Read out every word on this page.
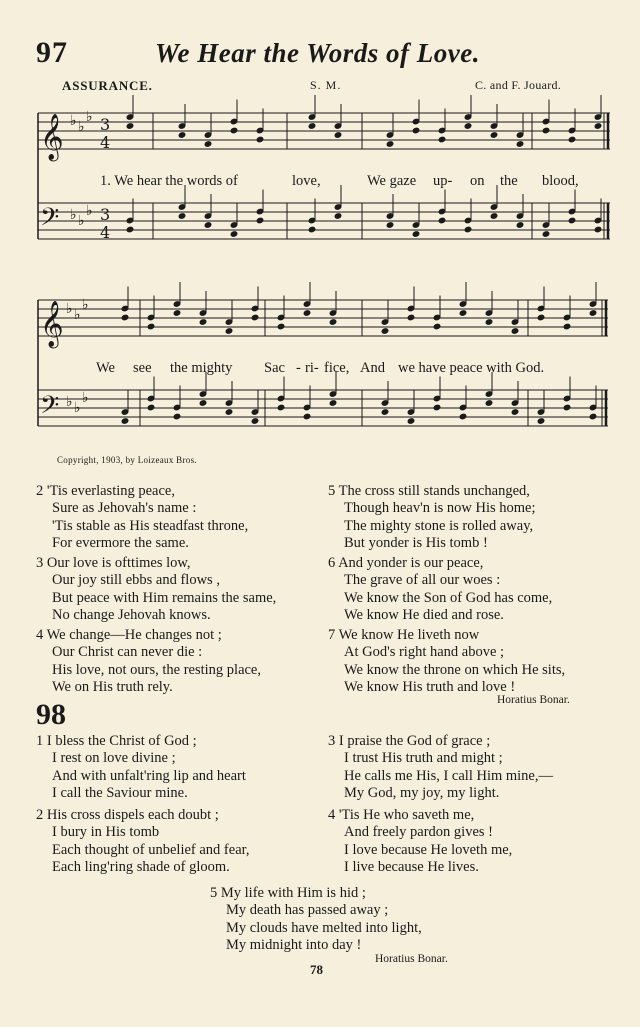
97	We Hear the Words of Love.
ASSURANCE.	S. M.	C. and F. Jouard.
𝄞
𝄢
𝄞
𝄢
♭ ♭
♭
♭ ♭
♭
♭ ♭
♭
♭ ♭
♭
3
4
3
4
1. We hear the words of	love,	We gaze up- on the blood,
We see the mighty Sac - ri- fice, And we have peace with God.
Copyright, 1903, by Loizeaux Bros.
2 'Tis everlasting peace,
Sure as Jehovah's name :
'Tis stable as His steadfast throne,
For evermore the same.
3 Our love is ofttimes low,
Our joy still ebbs and flows ,
But peace with Him remains the same,
No change Jehovah knows.
4 We change—He changes not ;
Our Christ can never die :
His love, not ours, the resting place,
We on His truth rely.
5 The cross still stands unchanged,
Though heav'n is now His home;
The mighty stone is rolled away,
But yonder is His tomb !
6 And yonder is our peace,
The grave of all our woes :
We know the Son of God has come,
We know He died and rose.
7 We know He liveth now
At God's right hand above ;
We know the throne on which He sits,
We know His truth and love !
Horatius Bonar.
98
1 I bless the Christ of God ;
I rest on love divine ;
And with unfalt'ring lip and heart
I call the Saviour mine.
2 His cross dispels each doubt ;
I bury in His tomb
Each thought of unbelief and fear,
Each ling'ring shade of gloom.
3 I praise the God of grace ;
I trust His truth and might ;
He calls me His, I call Him mine,—
My God, my joy, my light.
4 'Tis He who saveth me,
And freely pardon gives !
I love because He loveth me,
I live because He lives.
5 My life with Him is hid ;
My death has passed away ;
My clouds have melted into light,
My midnight into day !
Horatius Bonar.
78
